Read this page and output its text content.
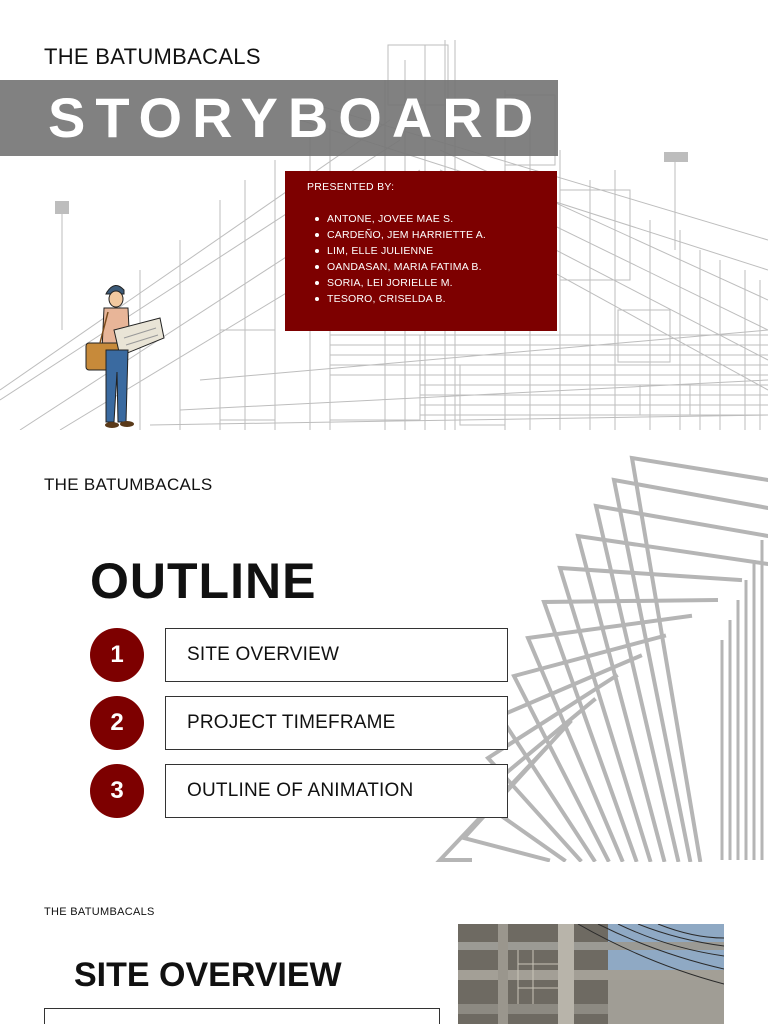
THE BATUMBACALS
STORYBOARD
PRESENTED BY:
ANTONE, JOVEE MAE S.
CARDEÑO, JEM HARRIETTE A.
LIM, ELLE JULIENNE
OANDASAN, MARIA FATIMA B.
SORIA, LEI JORIELLE M.
TESORO, CRISELDA B.
THE BATUMBACALS
OUTLINE
1	SITE OVERVIEW
2	PROJECT TIMEFRAME
3	OUTLINE OF ANIMATION
THE BATUMBACALS
SITE OVERVIEW
